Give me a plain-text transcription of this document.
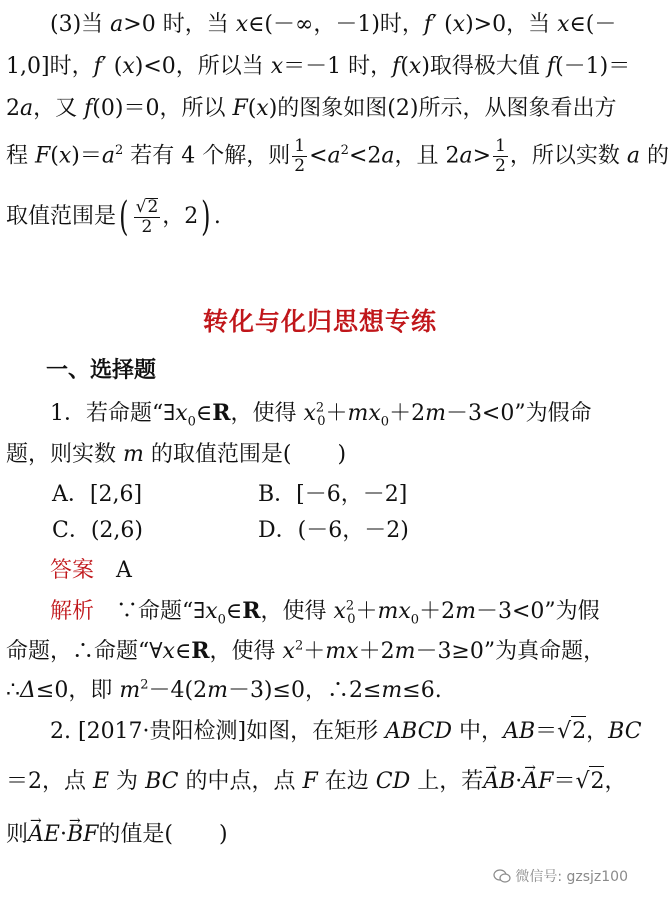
(3)当 a>0 时，当 x∈(－∞，－1)时，f′ (x)>0，当 x∈(－
1,0]时，f′ (x)<0，所以当 x＝－1 时，f(x)取得极大值 f(－1)＝
2a，又 f(0)＝0，所以 F(x)的图象如图(2)所示，从图象看出方
程 $F(x)=a^2$ 若有 4 个解，则 $\frac{1}{2} <a^2<2a$，且 $2a> \frac{1}{2}$ ，所以实数 a 的
取值范围是( $\frac{√2}{2}$ ，2) .
转化与化归思想专练
一、选择题
1．若命题“$\exists x_0\in R$，使得 $x^2_0+mx_0+2m-3<0$”为假命
题，则实数 m 的取值范围是( )
A．[2,6]	B．[－6，－2]
C．(2,6)	D．(－6，－2)
答案　 A
解析　∵命题“$\exists x_0\in R$，使得 $x^2_0+mx_0+2m-3<0$”为假
命题，∴命题“∀x∈R，使得 $x^2+mx+2m-3\ge 0$”为真命题，
∴Δ≤0，即 $m^2-4(2m-3)\le 0$，∴2≤m≤6.
2. [2017·贵阳检测]如图，在矩形 ABCD 中，AB＝√2，BC
＝2，点 E 为 BC 的中点，点 F 在边 CD 上，若→ AB·→ AF＝√2，
则→ AE·→ BF的值是( )
微信号: gzsjz100
